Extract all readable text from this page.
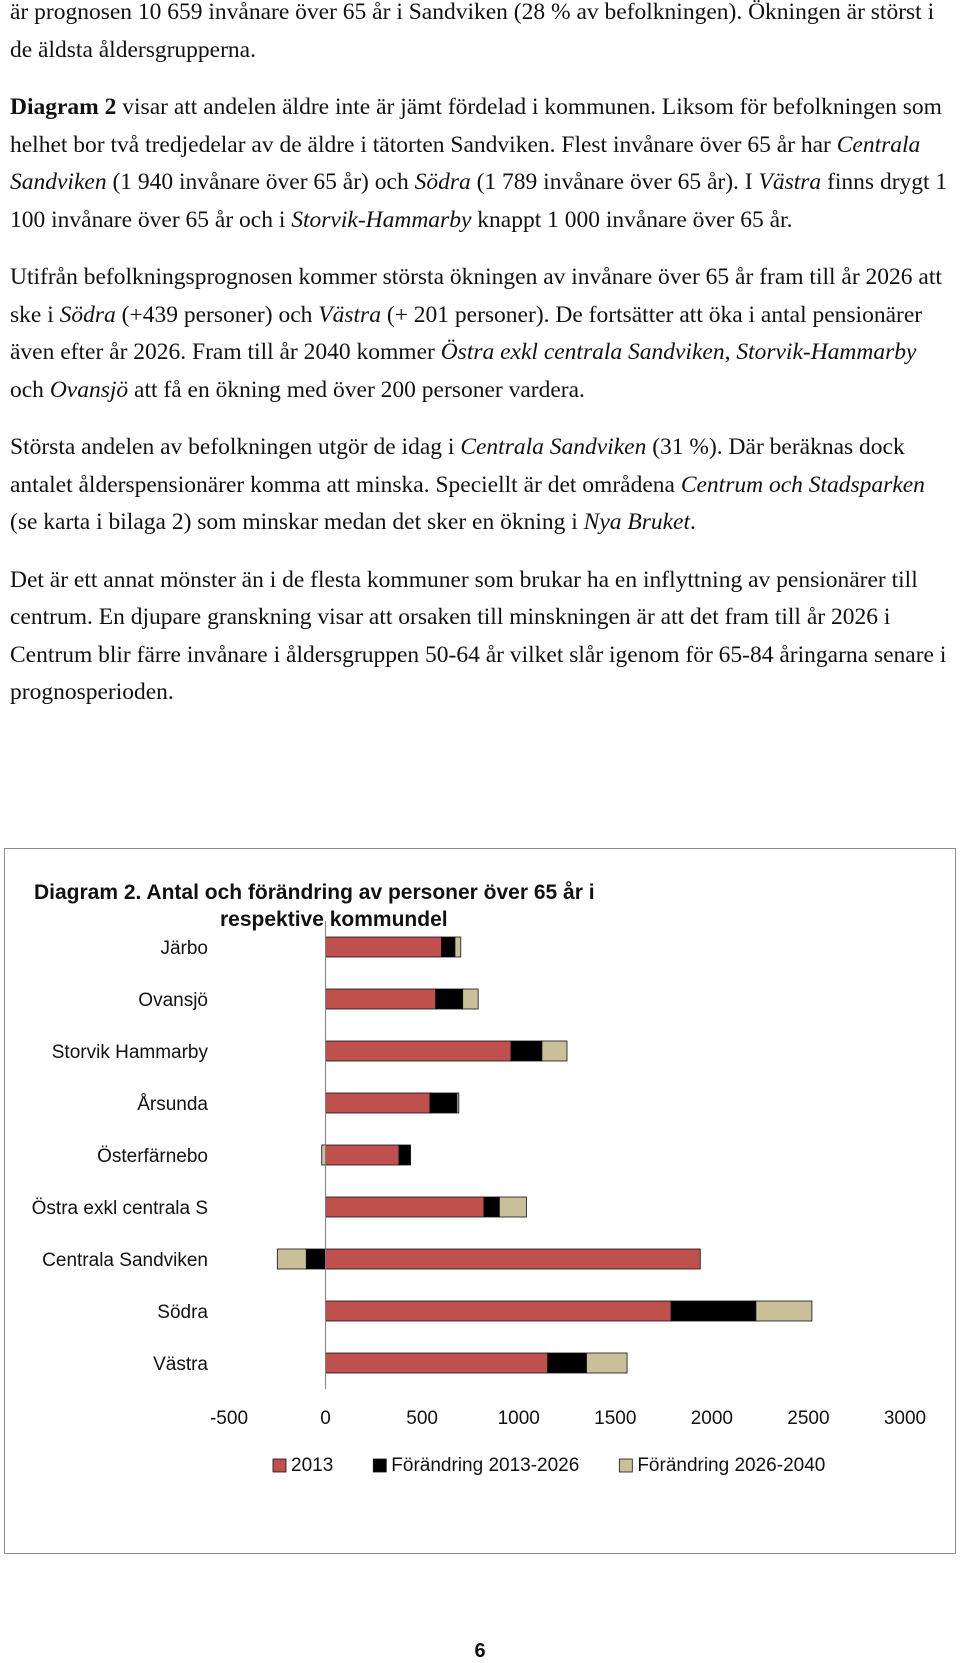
är prognosen 10 659 invånare över 65 år i Sandviken (28 % av befolkningen). Ökningen är störst i de äldsta åldersgrupperna.

Diagram 2 visar att andelen äldre inte är jämt fördelad i kommunen. Liksom för befolkningen som helhet bor två tredjedelar av de äldre i tätorten Sandviken. Flest invånare över 65 år har Centrala Sandviken (1 940 invånare över 65 år) och Södra (1 789 invånare över 65 år). I Västra finns drygt 1 100 invånare över 65 år och i Storvik-Hammarby knappt 1 000 invånare över 65 år.

Utifrån befolkningsprognosen kommer största ökningen av invånare över 65 år fram till år 2026 att ske i Södra (+439 personer) och Västra (+ 201 personer). De fortsätter att öka i antal pensionärer även efter år 2026. Fram till år 2040 kommer Östra exkl centrala Sandviken, Storvik-Hammarby och Ovansjö att få en ökning med över 200 personer vardera.

Största andelen av befolkningen utgör de idag i Centrala Sandviken (31 %). Där beräknas dock antalet ålderspensionärer komma att minska. Speciellt är det områdena Centrum och Stadsparken (se karta i bilaga 2) som minskar medan det sker en ökning i Nya Bruket.

Det är ett annat mönster än i de flesta kommuner som brukar ha en inflyttning av pensionärer till centrum. En djupare granskning visar att orsaken till minskningen är att det fram till år 2026 i Centrum blir färre invånare i åldersgruppen 50-64 år vilket slår igenom för 65-84 åringarna senare i prognosperioden.

Diagram 2. Antal och förändring av personer över 65 år i
respektive kommundel
Järbo
Ovansjö
Storvik Hammarby
Årsunda
Österfärnebo
Östra exkl centrala S
Centrala Sandviken
Södra
Västra
-500	0	500	1000	1500	2000	2500	3000
2013	Förändring 2013-2026	Förändring 2026-2040
6
